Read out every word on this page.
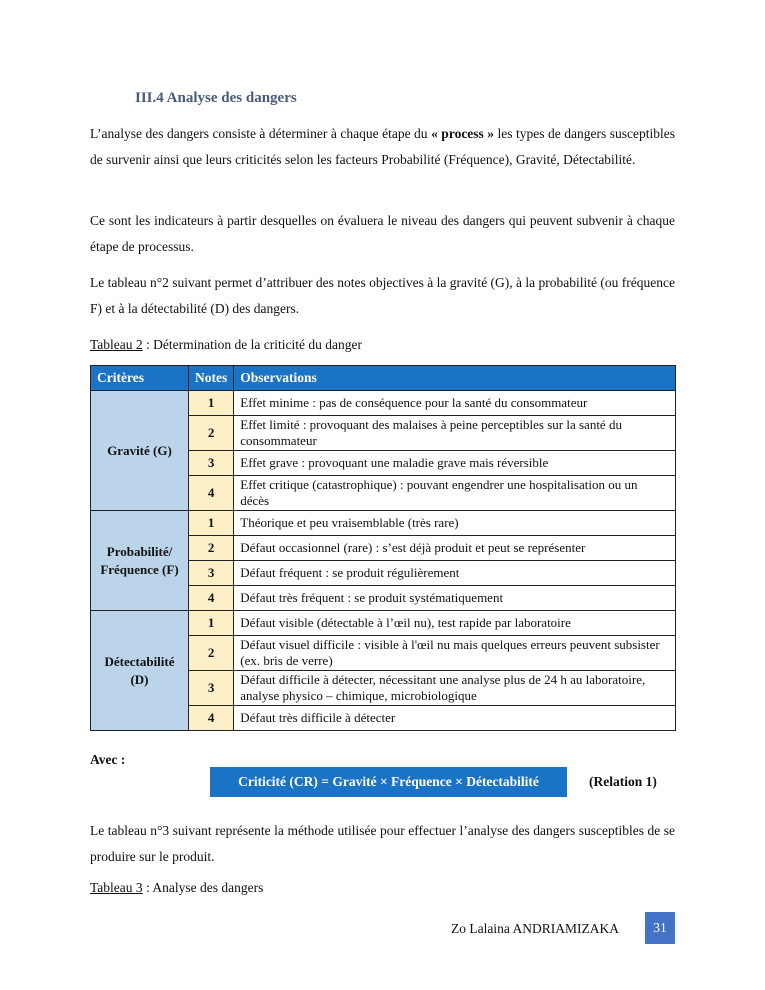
III.4 Analyse des dangers
L’analyse des dangers consiste à déterminer à chaque étape du « process » les types de dangers susceptibles de survenir ainsi que leurs criticités selon les facteurs Probabilité (Fréquence), Gravité, Détectabilité.
Ce sont les indicateurs à partir desquelles on évaluera le niveau des dangers qui peuvent subvenir à chaque étape de processus.
Le tableau n°2 suivant permet d’attribuer des notes objectives à la gravité (G), à la probabilité (ou fréquence F) et à la détectabilité (D) des dangers.
Tableau 2 : Détermination de la criticité du danger
Critères	Notes	Observations
Gravité (G)	1	Effet minime : pas de conséquence pour la santé du consommateur
	2	Effet limité : provoquant des malaises à peine perceptibles sur la santé du consommateur
	3	Effet grave : provoquant une maladie grave mais réversible
	4	Effet critique (catastrophique) : pouvant engendrer une hospitalisation ou un décès
Probabilité/ Fréquence (F)	1	Théorique et peu vraisemblable (très rare)
	2	Défaut occasionnel (rare) : s’est déjà produit et peut se représenter
	3	Défaut fréquent : se produit régulièrement
	4	Défaut très fréquent : se produit systématiquement
Détectabilité (D)	1	Défaut visible (détectable à l’œil nu), test rapide par laboratoire
	2	Défaut visuel difficile : visible à l'œil nu mais quelques erreurs peuvent subsister (ex. bris de verre)
	3	Défaut difficile à détecter, nécessitant une analyse plus de 24 h au laboratoire, analyse physico – chimique, microbiologique
	4	Défaut très difficile à détecter
Avec :
Criticité (CR) = Gravité × Fréquence × Détectabilité	(Relation 1)
Le tableau n°3 suivant représente la méthode utilisée pour effectuer l’analyse des dangers susceptibles de se produire sur le produit.
Tableau 3 : Analyse des dangers
Zo Lalaina ANDRIAMIZAKA	31
